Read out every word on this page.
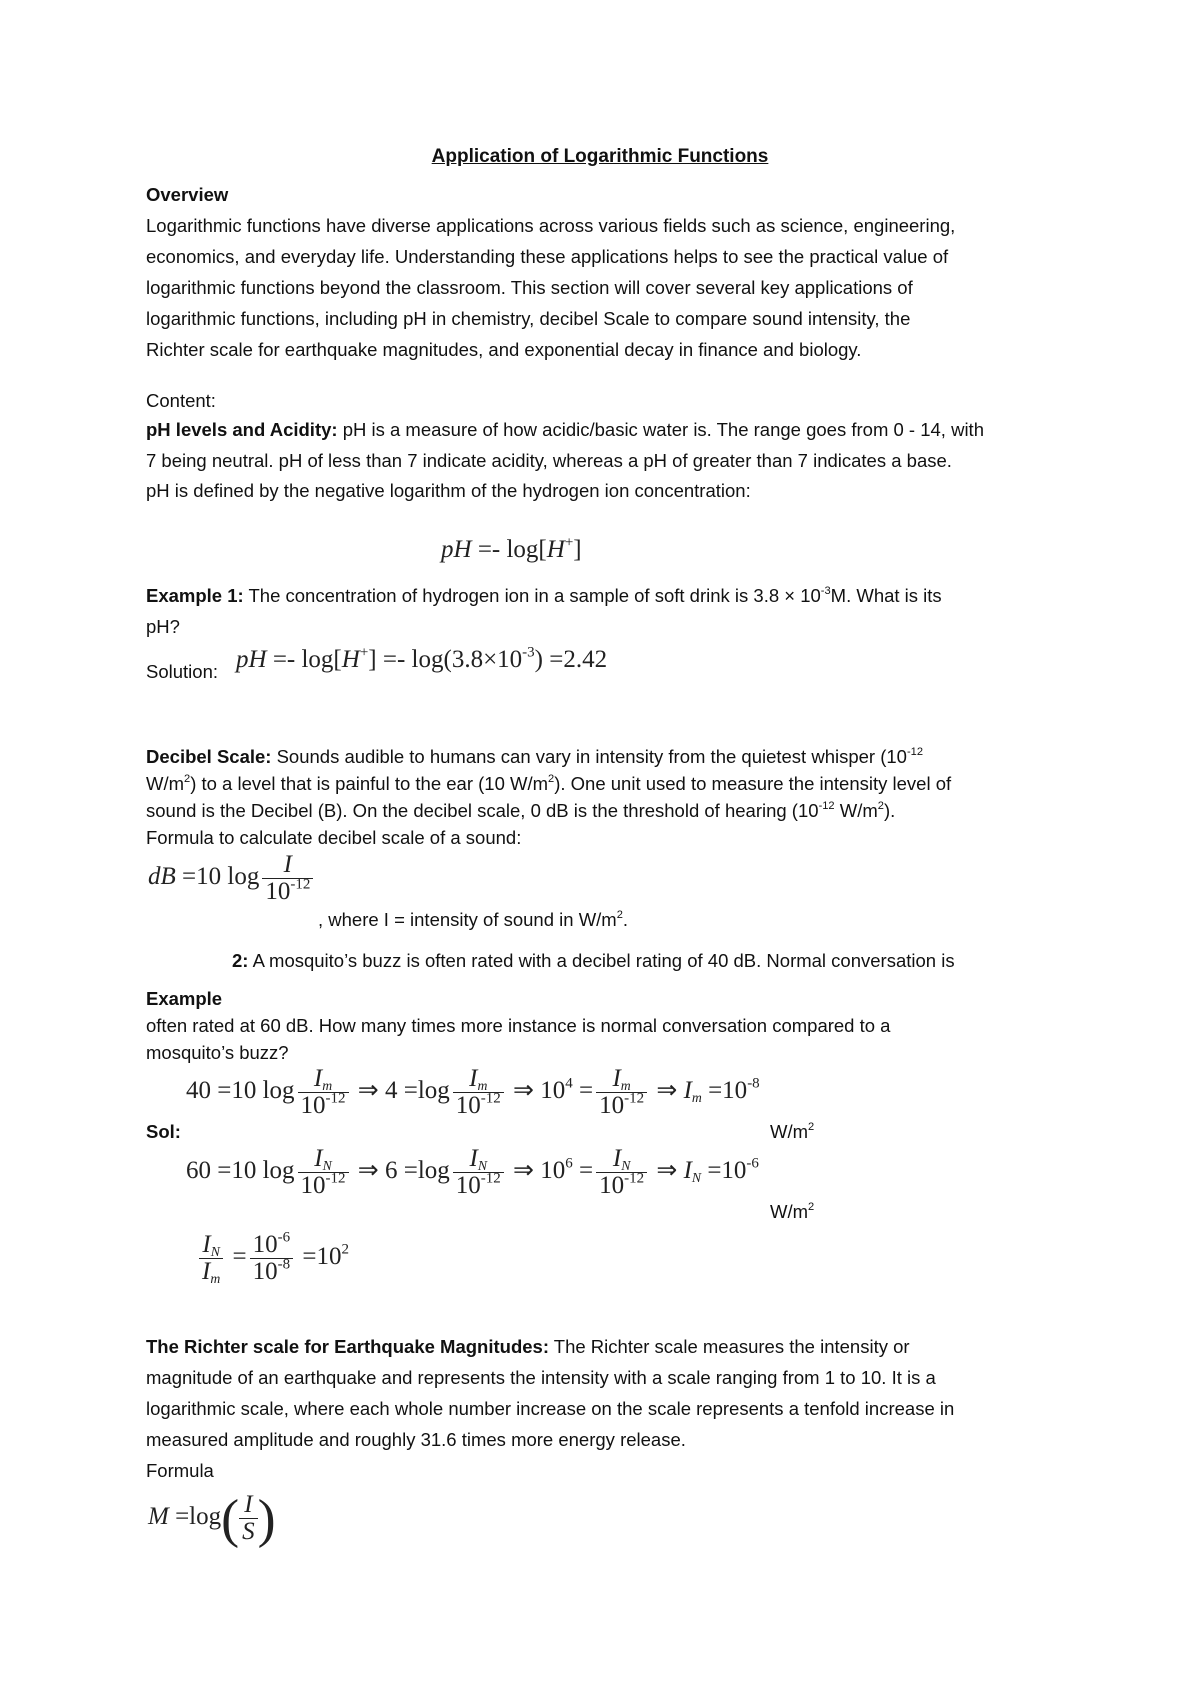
Application of Logarithmic Functions
Overview
Logarithmic functions have diverse applications across various fields such as science, engineering,
economics, and everyday life. Understanding these applications helps to see the practical value of
logarithmic functions beyond the classroom. This section will cover several key applications of
logarithmic functions, including pH in chemistry, decibel Scale to compare sound intensity, the
Richter scale for earthquake magnitudes, and exponential decay in finance and biology.
Content:
pH levels and Acidity: pH is a measure of how acidic/basic water is. The range goes from 0 - 14, with
7 being neutral. pH of less than 7 indicate acidity, whereas a pH of greater than 7 indicates a base.
pH is defined by the negative logarithm of the hydrogen ion concentration:
pH =- log[H+]
Example 1: The concentration of hydrogen ion in a sample of soft drink is $3.8 \times 10^{-3}M$. What is its
pH?
Solution: pH =- $\log[H^+] =- \log(3.8\times 10^{-3}) =2.42$
Decibel Scale: Sounds audible to humans can vary in intensity from the quietest whisper ($10^{-12}$
$W/m^2$) to a level that is painful to the ear (10 $W/m^2$). One unit used to measure the intensity level of
sound is the Decibel (B). On the decibel scale, 0 dB is the threshold of hearing ($10^{-12}$ $W/m^2$).
Formula to calculate decibel scale of a sound:
dB =10 $\log \frac{I}{10^{-12}}$
, where I = intensity of sound in $W/m^2$.
2: A mosquito’s buzz is often rated with a decibel rating of 40 dB. Normal conversation is
Example
often rated at 60 dB. How many times more instance is normal conversation compared to a
mosquito’s buzz?
40 =10 $\log \frac{I_m}{10^{-12}}$ ⇒ $4 =\log \frac{I_m}{10^{-12}}$ ⇒ $10^4 = \frac{I_m}{10^{-12}}$ ⇒ $I_m =10^{-8}$
Sol:	$W/m^2$
60 =10 $\log \frac{I_N}{10^{-12}}$ ⇒ $6 =\log \frac{I_N}{10^{-12}}$ ⇒ $10^6 = \frac{I_N}{10^{-12}}$ ⇒ $I_N =10^{-6}$
$W/m^2$
$\frac{I_N}{I_m} = \frac{10^{-6}}{10^{-8}} =10^2$
The Richter scale for Earthquake Magnitudes: The Richter scale measures the intensity or
magnitude of an earthquake and represents the intensity with a scale ranging from 1 to 10. It is a
logarithmic scale, where each whole number increase on the scale represents a tenfold increase in
measured amplitude and roughly 31.6 times more energy release.
Formula
$M =\log( \frac{I}{S}$ )
